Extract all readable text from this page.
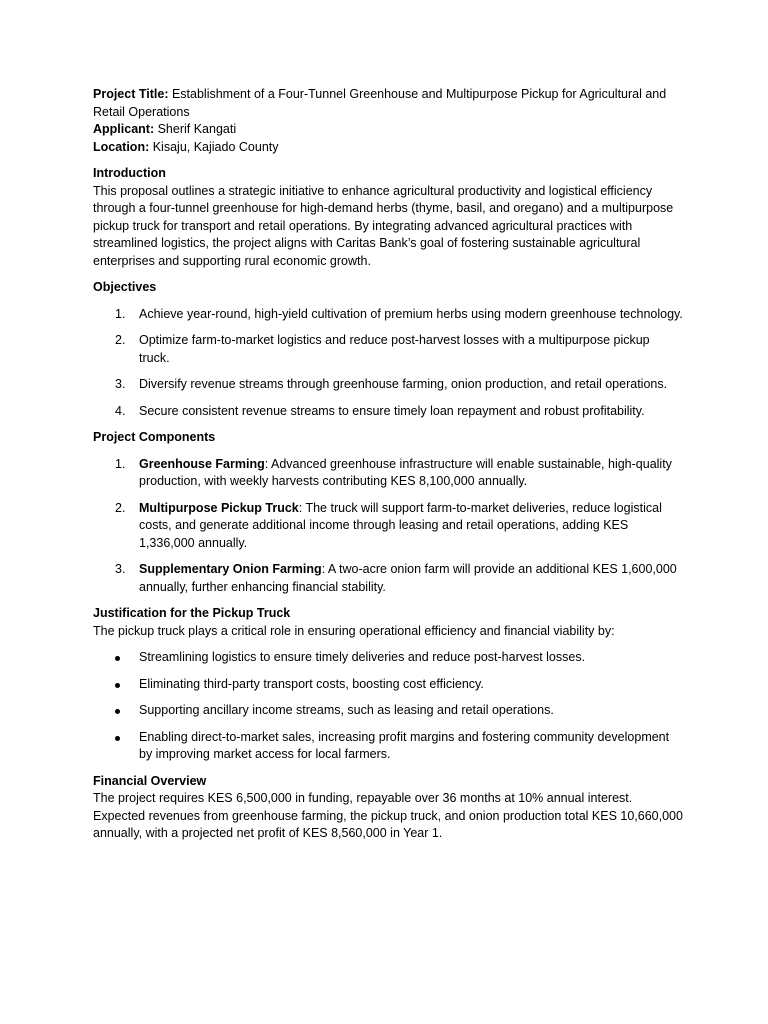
Project Title: Establishment of a Four-Tunnel Greenhouse and Multipurpose Pickup for Agricultural and Retail Operations

Applicant: Sherif Kangati

Location: Kisaju, Kajiado County

Introduction

This proposal outlines a strategic initiative to enhance agricultural productivity and logistical efficiency through a four-tunnel greenhouse for high-demand herbs (thyme, basil, and oregano) and a multipurpose pickup truck for transport and retail operations. By integrating advanced agricultural practices with streamlined logistics, the project aligns with Caritas Bank’s goal of fostering sustainable agricultural enterprises and supporting rural economic growth.

Objectives

1.	Achieve year-round, high-yield cultivation of premium herbs using modern greenhouse technology.
2.	Optimize farm-to-market logistics and reduce post-harvest losses with a multipurpose pickup truck.
3.	Diversify revenue streams through greenhouse farming, onion production, and retail operations.
4.	Secure consistent revenue streams to ensure timely loan repayment and robust profitability.

Project Components

1.	Greenhouse Farming: Advanced greenhouse infrastructure will enable sustainable, high-quality production, with weekly harvests contributing KES 8,100,000 annually.
2.	Multipurpose Pickup Truck: The truck will support farm-to-market deliveries, reduce logistical costs, and generate additional income through leasing and retail operations, adding KES 1,336,000 annually.
3.	Supplementary Onion Farming: A two-acre onion farm will provide an additional KES 1,600,000 annually, further enhancing financial stability.

Justification for the Pickup Truck

The pickup truck plays a critical role in ensuring operational efficiency and financial viability by:

Streamlining logistics to ensure timely deliveries and reduce post-harvest losses.
Eliminating third-party transport costs, boosting cost efficiency.
Supporting ancillary income streams, such as leasing and retail operations.
Enabling direct-to-market sales, increasing profit margins and fostering community development by improving market access for local farmers.

Financial Overview

The project requires KES 6,500,000 in funding, repayable over 36 months at 10% annual interest. Expected revenues from greenhouse farming, the pickup truck, and onion production total KES 10,660,000 annually, with a projected net profit of KES 8,560,000 in Year 1.
